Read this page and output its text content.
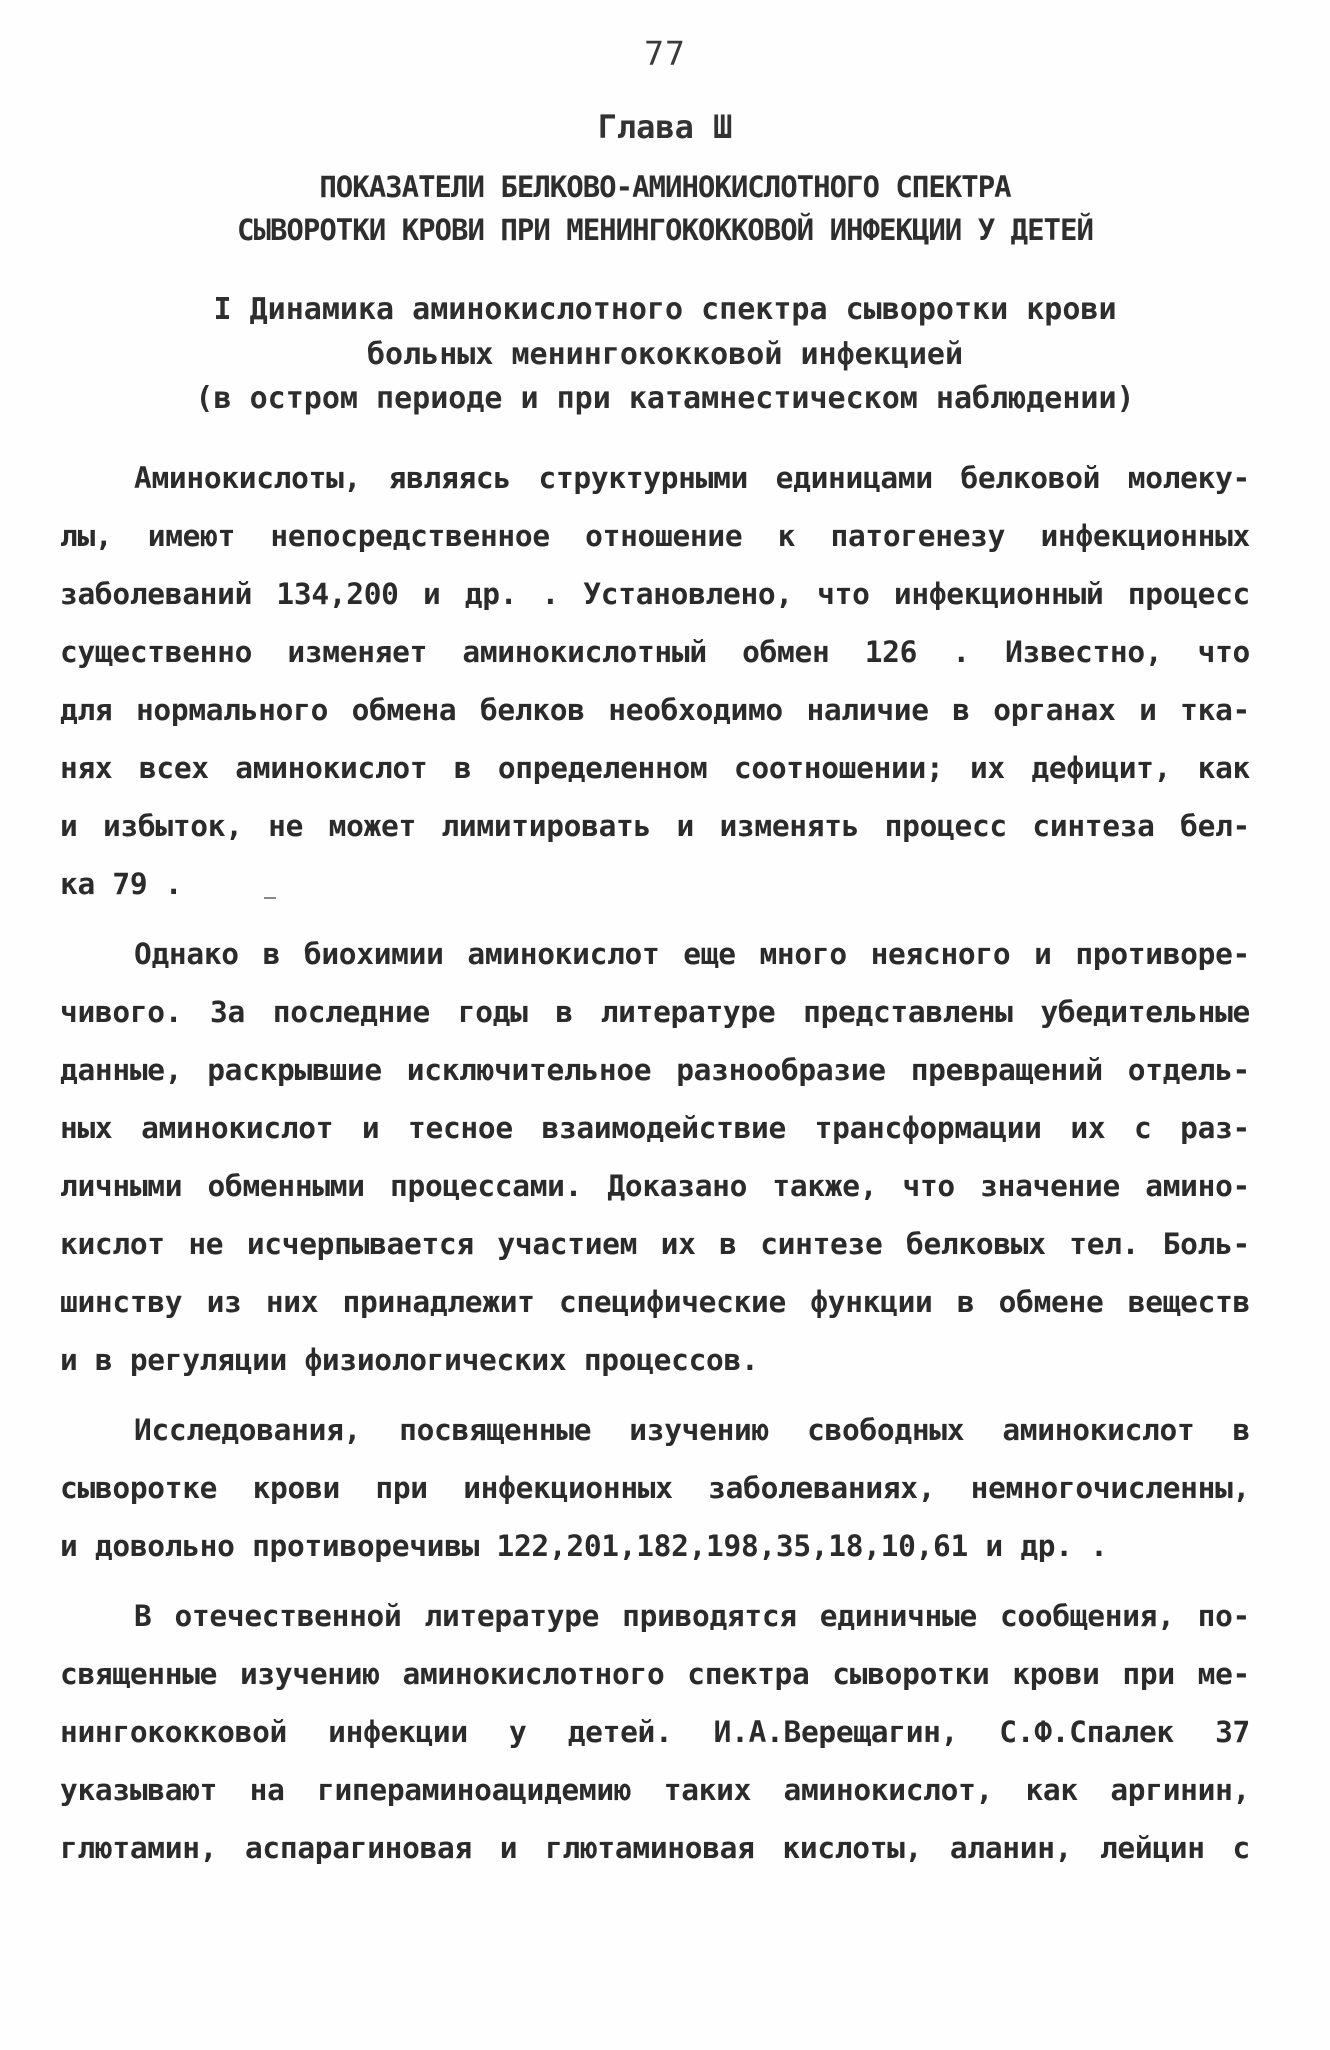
77
Глава Ш
ПОКАЗАТЕЛИ БЕЛКОВО-АМИНОКИСЛОТНОГО СПЕКТРА
СЫВОРОТКИ КРОВИ ПРИ МЕНИНГОКОККОВОЙ ИНФЕКЦИИ У ДЕТЕЙ
I Динамика аминокислотного спектра сыворотки крови
больных менингококковой инфекцией
(в остром периоде и при катамнестическом наблюдении)
Аминокислоты, являясь структурными единицами белковой молеку-
лы, имеют непосредственное отношение к патогенезу инфекционных
заболеваний 134,200 и др. . Установлено, что инфекционный процесс
существенно изменяет аминокислотный обмен 126 . Известно, что
для нормального обмена белков необходимо наличие в органах и тка-
нях всех аминокислот в определенном соотношении; их дефицит, как
и избыток, не может лимитировать и изменять процесс синтеза бел-
ка 79 .
Однако в биохимии аминокислот еще много неясного и противоре-
чивого. За последние годы в литературе представлены убедительные
данные, раскрывшие исключительное разнообразие превращений отдель-
ных аминокислот и тесное взаимодействие трансформации их с раз-
личными обменными процессами. Доказано также, что значение амино-
кислот не исчерпывается участием их в синтезе белковых тел. Боль-
шинству из них принадлежит специфические функции в обмене веществ
и в регуляции физиологических процессов.
Исследования, посвященные изучению свободных аминокислот в
сыворотке крови при инфекционных заболеваниях, немногочисленны,
и довольно противоречивы 122,201,182,198,35,18,10,61 и др. .
В отечественной литературе приводятся единичные сообщения, по-
священные изучению аминокислотного спектра сыворотки крови при ме-
нингококковой инфекции у детей. И.А.Верещагин, С.Ф.Спалек 37
указывают на гипераминоацидемию таких аминокислот, как аргинин,
глютамин, аспарагиновая и глютаминовая кислоты, аланин, лейцин с
